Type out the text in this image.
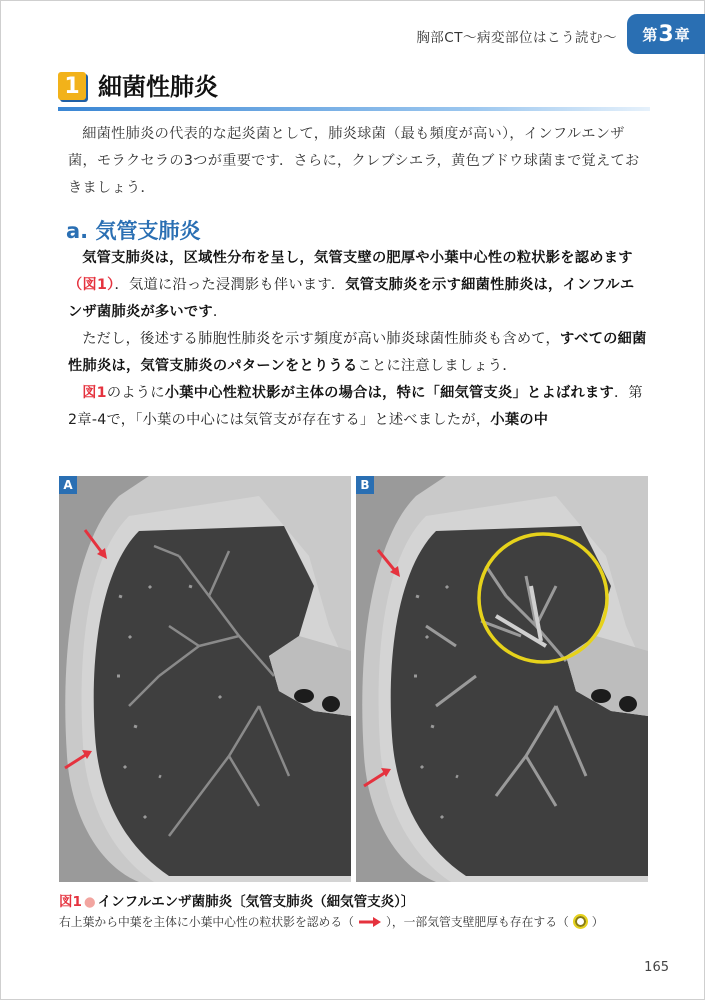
胸部CT〜病変部位はこう読む〜 第 3 章
1 細菌性肺炎

細菌性肺炎の代表的な起炎菌として，肺炎球菌（最も頻度が高い），インフルエンザ菌，モラクセラの3つが重要です．さらに，クレブシエラ，黄色ブドウ球菌まで覚えておきましょう．

a. 気管支肺炎

気管支肺炎は，区域性分布を呈し，気管支壁の肥厚や小葉中心性の粒状影を認めます（図1）．気道に沿った浸潤影も伴います．気管支肺炎を示す細菌性肺炎は，インフルエンザ菌肺炎が多いです．

ただし，後述する肺胞性肺炎を示す頻度が高い肺炎球菌性肺炎も含めて，すべての細菌性肺炎は，気管支肺炎のパターンをとりうることに注意しましょう．

図1のように小葉中心性粒状影が主体の場合は，特に「細気管支炎」とよばれます．第2章-4で，「小葉の中心には気管支が存在する」と述べましたが，小葉の中

A	B
図1 ● インフルエンザ菌肺炎〔気管支肺炎（細気管支炎）〕
右上葉から中葉を主体に小葉中心性の粒状影を認める（	），一部気管支壁肥厚も存在する（ ）
165
